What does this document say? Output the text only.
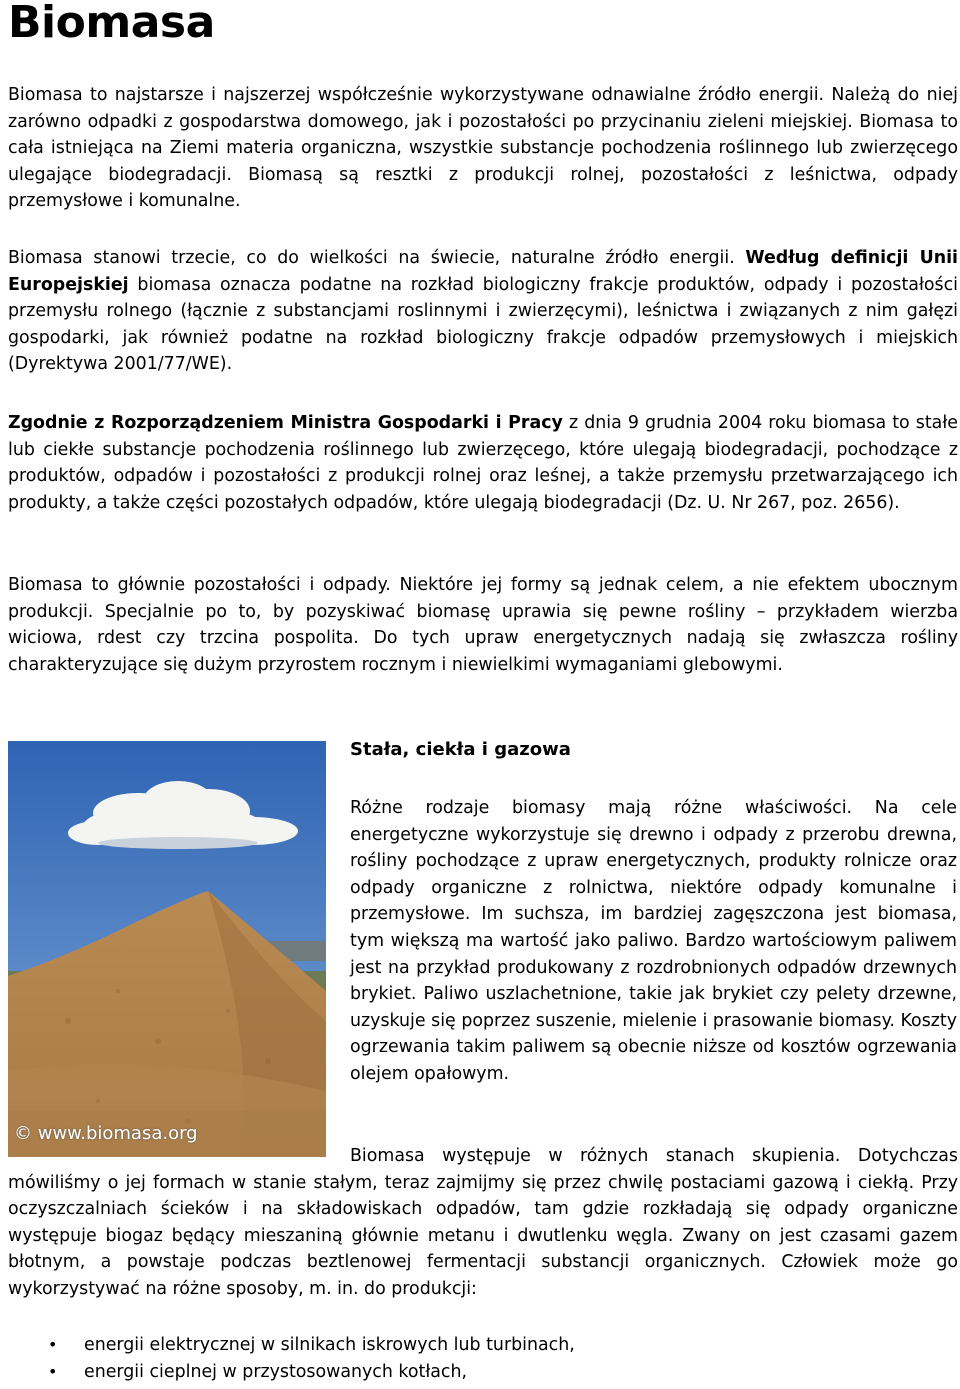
Biomasa

Biomasa to najstarsze i najszerzej współcześnie wykorzystywane odnawialne źródło energii. Należą do niej zarówno odpadki z gospodarstwa domowego, jak i pozostałości po przycinaniu zieleni miejskiej. Biomasa to cała istniejąca na Ziemi materia organiczna, wszystkie substancje pochodzenia roślinnego lub zwierzęcego ulegające biodegradacji. Biomasą są resztki z produkcji rolnej, pozostałości z leśnictwa, odpady przemysłowe i komunalne.

Biomasa stanowi trzecie, co do wielkości na świecie, naturalne źródło energii. Według definicji Unii Europejskiej biomasa oznacza podatne na rozkład biologiczny frakcje produktów, odpady i pozostałości przemysłu rolnego (łącznie z substancjami roslinnymi i zwierzęcymi), leśnictwa i związanych z nim gałęzi gospodarki, jak również podatne na rozkład biologiczny frakcje odpadów przemysłowych i miejskich (Dyrektywa 2001/77/WE).

Zgodnie z Rozporządzeniem Ministra Gospodarki i Pracy z dnia 9 grudnia 2004 roku biomasa to stałe lub ciekłe substancje pochodzenia roślinnego lub zwierzęcego, które ulegają biodegradacji, pochodzące z produktów, odpadów i pozostałości z produkcji rolnej oraz leśnej, a także przemysłu przetwarzającego ich produkty, a także części pozostałych odpadów, które ulegają biodegradacji (Dz. U. Nr 267, poz. 2656).

Biomasa to głównie pozostałości i odpady. Niektóre jej formy są jednak celem, a nie efektem ubocznym produkcji. Specjalnie po to, by pozyskiwać biomasę uprawia się pewne rośliny – przykładem wierzba wiciowa, rdest czy trzcina pospolita. Do tych upraw energetycznych nadają się zwłaszcza rośliny charakteryzujące się dużym przyrostem rocznym i niewielkimi wymaganiami glebowymi.

© www.biomasa.org
Stała, ciekła i gazowa

Różne rodzaje biomasy mają różne właściwości. Na cele energetyczne wykorzystuje się drewno i odpady z przerobu drewna, rośliny pochodzące z upraw energetycznych, produkty rolnicze oraz odpady organiczne z rolnictwa, niektóre odpady komunalne i przemysłowe. Im suchsza, im bardziej zagęszczona jest biomasa, tym większą ma wartość jako paliwo. Bardzo wartościowym paliwem jest na przykład produkowany z rozdrobnionych odpadów drzewnych brykiet. Paliwo uszlachetnione, takie jak brykiet czy pelety drzewne, uzyskuje się poprzez suszenie, mielenie i prasowanie biomasy. Koszty ogrzewania takim paliwem są obecnie niższe od kosztów ogrzewania olejem opałowym.

Biomasa występuje w różnych stanach skupienia. Dotychczas mówiliśmy o jej formach w stanie stałym, teraz zajmijmy się przez chwilę postaciami gazową i ciekłą. Przy oczyszczalniach ścieków i na składowiskach odpadów, tam gdzie rozkładają się odpady organiczne występuje biogaz będący mieszaniną głównie metanu i dwutlenku węgla. Zwany on jest czasami gazem błotnym, a powstaje podczas beztlenowej fermentacji substancji organicznych. Człowiek może go wykorzystywać na różne sposoby, m. in. do produkcji:

• energii elektrycznej w silnikach iskrowych lub turbinach,
• energii cieplnej w przystosowanych kotłach,
